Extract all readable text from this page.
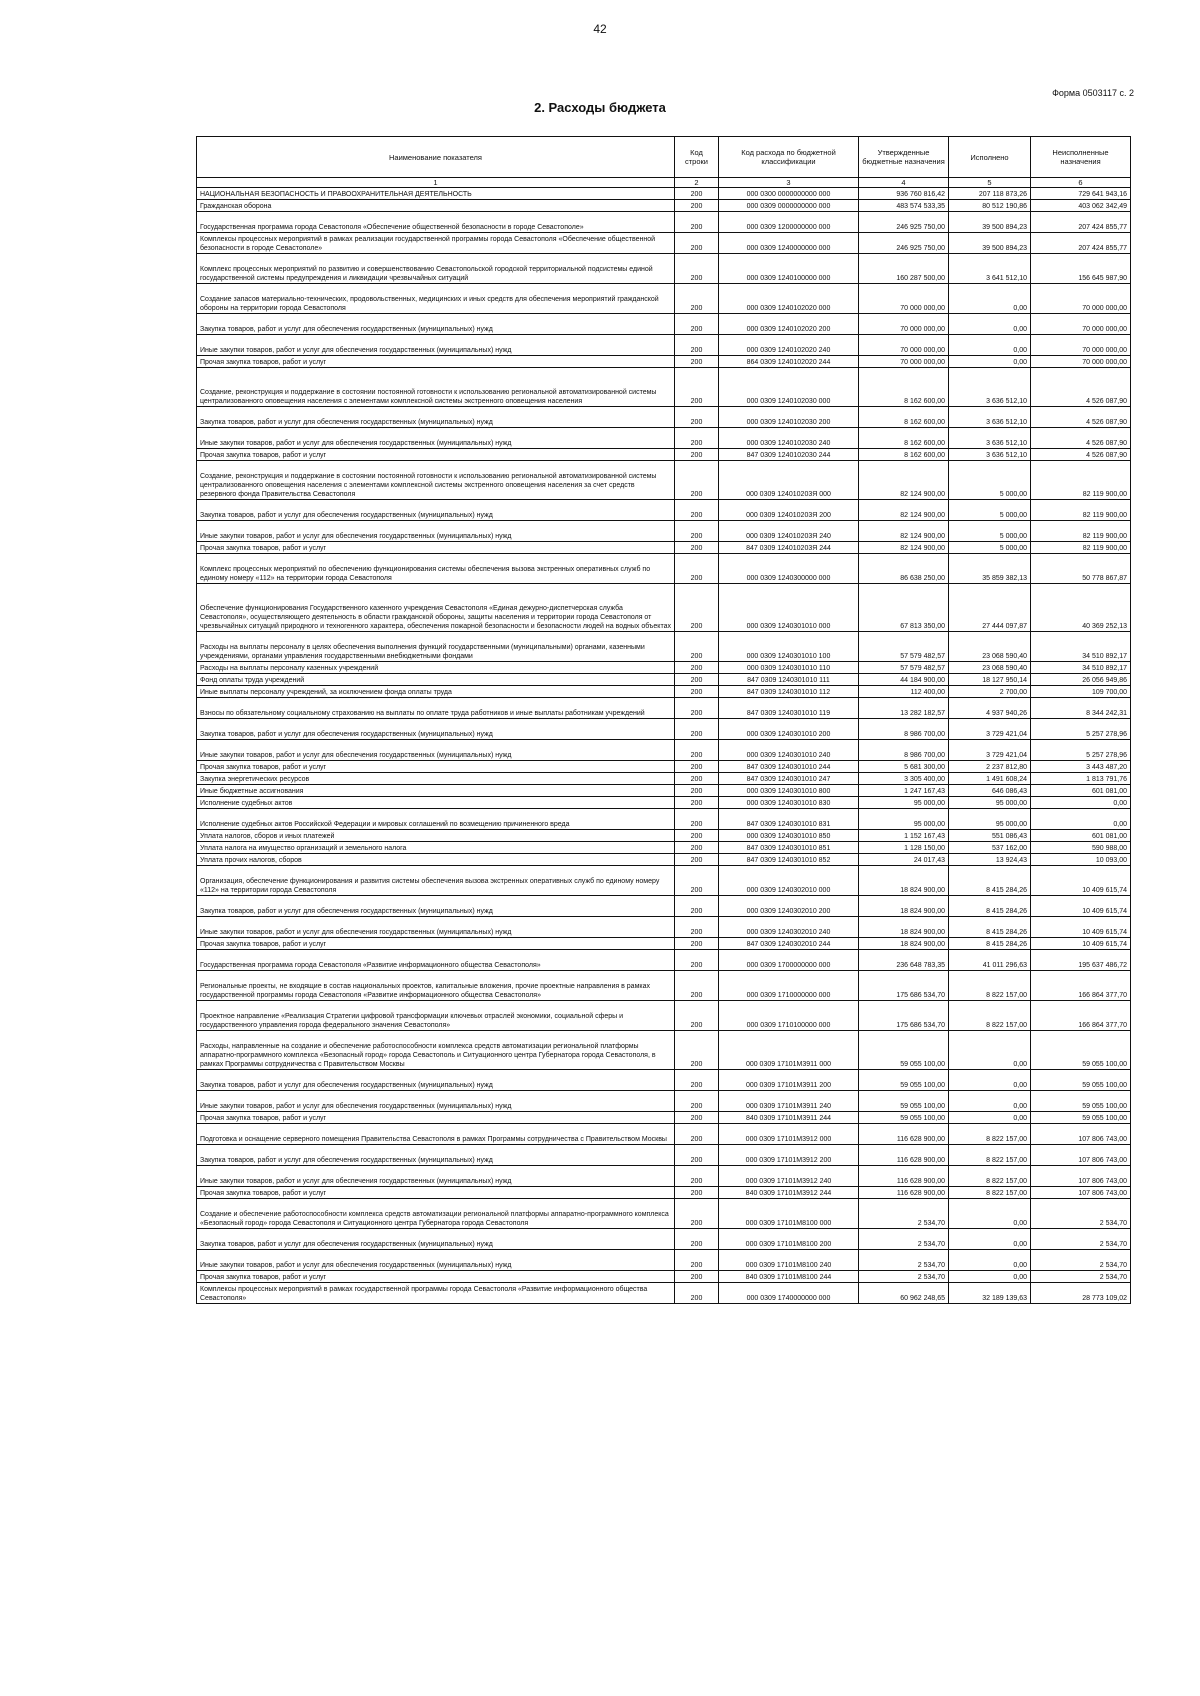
42
Форма 0503117 с. 2
2. Расходы бюджета
Наименование показателя	Код строки	Код расхода по бюджетной классификации	Утвержденные бюджетные назначения	Исполнено	Неисполненные назначения
1	2	3	4	5	6
НАЦИОНАЛЬНАЯ БЕЗОПАСНОСТЬ И ПРАВООХРАНИТЕЛЬНАЯ ДЕЯТЕЛЬНОСТЬ	200	000 0300 0000000000 000	936 760 816,42	207 118 873,26	729 641 943,16
Гражданская оборона	200	000 0309 0000000000 000	483 574 533,35	80 512 190,86	403 062 342,49
Государственная программа города Севастополя «Обеспечение общественной безопасности в городе Севастополе»	200	000 0309 1200000000 000	246 925 750,00	39 500 894,23	207 424 855,77
Комплексы процессных мероприятий в рамках реализации государственной программы города Севастополя «Обеспечение общественной безопасности в городе Севастополе»	200	000 0309 1240000000 000	246 925 750,00	39 500 894,23	207 424 855,77
Комплекс процессных мероприятий по развитию и совершенствованию Севастопольской городской территориальной подсистемы единой государственной системы предупреждения и ликвидации чрезвычайных ситуаций	200	000 0309 1240100000 000	160 287 500,00	3 641 512,10	156 645 987,90
Создание запасов материально-технических, продовольственных, медицинских и иных средств для обеспечения мероприятий гражданской обороны на территории города Севастополя	200	000 0309 1240102020 000	70 000 000,00	0,00	70 000 000,00
Закупка товаров, работ и услуг для обеспечения государственных (муниципальных) нужд	200	000 0309 1240102020 200	70 000 000,00	0,00	70 000 000,00
Иные закупки товаров, работ и услуг для обеспечения государственных (муниципальных) нужд	200	000 0309 1240102020 240	70 000 000,00	0,00	70 000 000,00
Прочая закупка товаров, работ и услуг	200	864 0309 1240102020 244	70 000 000,00	0,00	70 000 000,00
Создание, реконструкция и поддержание в состоянии постоянной готовности к использованию региональной автоматизированной системы централизованного оповещения населения с элементами комплексной системы экстренного оповещения населения	200	000 0309 1240102030 000	8 162 600,00	3 636 512,10	4 526 087,90
Закупка товаров, работ и услуг для обеспечения государственных (муниципальных) нужд	200	000 0309 1240102030 200	8 162 600,00	3 636 512,10	4 526 087,90
Иные закупки товаров, работ и услуг для обеспечения государственных (муниципальных) нужд	200	000 0309 1240102030 240	8 162 600,00	3 636 512,10	4 526 087,90
Прочая закупка товаров, работ и услуг	200	847 0309 1240102030 244	8 162 600,00	3 636 512,10	4 526 087,90
Создание, реконструкция и поддержание в состоянии постоянной готовности к использованию региональной автоматизированной системы централизованного оповещения населения с элементами комплексной системы экстренного оповещения населения за счет средств резервного фонда Правительства Севастополя	200	000 0309 124010203Я 000	82 124 900,00	5 000,00	82 119 900,00
Закупка товаров, работ и услуг для обеспечения государственных (муниципальных) нужд	200	000 0309 124010203Я 200	82 124 900,00	5 000,00	82 119 900,00
Иные закупки товаров, работ и услуг для обеспечения государственных (муниципальных) нужд	200	000 0309 124010203Я 240	82 124 900,00	5 000,00	82 119 900,00
Прочая закупка товаров, работ и услуг	200	847 0309 124010203Я 244	82 124 900,00	5 000,00	82 119 900,00
Комплекс процессных мероприятий по обеспечению функционирования системы обеспечения вызова экстренных оперативных служб по единому номеру «112» на территории города Севастополя	200	000 0309 1240300000 000	86 638 250,00	35 859 382,13	50 778 867,87
Обеспечение функционирования Государственного казенного учреждения Севастополя «Единая дежурно-диспетчерская служба Севастополя», осуществляющего деятельность в области гражданской обороны, защиты населения и территории города Севастополя от чрезвычайных ситуаций природного и техногенного характера, обеспечения пожарной безопасности и безопасности людей на водных объектах	200	000 0309 1240301010 000	67 813 350,00	27 444 097,87	40 369 252,13
Расходы на выплаты персоналу в целях обеспечения выполнения функций государственными (муниципальными) органами, казенными учреждениями, органами управления государственными внебюджетными фондами	200	000 0309 1240301010 100	57 579 482,57	23 068 590,40	34 510 892,17
Расходы на выплаты персоналу казенных учреждений	200	000 0309 1240301010 110	57 579 482,57	23 068 590,40	34 510 892,17
Фонд оплаты труда учреждений	200	847 0309 1240301010 111	44 184 900,00	18 127 950,14	26 056 949,86
Иные выплаты персоналу учреждений, за исключением фонда оплаты труда	200	847 0309 1240301010 112	112 400,00	2 700,00	109 700,00
Взносы по обязательному социальному страхованию на выплаты по оплате труда работников и иные выплаты работникам учреждений	200	847 0309 1240301010 119	13 282 182,57	4 937 940,26	8 344 242,31
Закупка товаров, работ и услуг для обеспечения государственных (муниципальных) нужд	200	000 0309 1240301010 200	8 986 700,00	3 729 421,04	5 257 278,96
Иные закупки товаров, работ и услуг для обеспечения государственных (муниципальных) нужд	200	000 0309 1240301010 240	8 986 700,00	3 729 421,04	5 257 278,96
Прочая закупка товаров, работ и услуг	200	847 0309 1240301010 244	5 681 300,00	2 237 812,80	3 443 487,20
Закупка энергетических ресурсов	200	847 0309 1240301010 247	3 305 400,00	1 491 608,24	1 813 791,76
Иные бюджетные ассигнования	200	000 0309 1240301010 800	1 247 167,43	646 086,43	601 081,00
Исполнение судебных актов	200	000 0309 1240301010 830	95 000,00	95 000,00	0,00
Исполнение судебных актов Российской Федерации и мировых соглашений по возмещению причиненного вреда	200	847 0309 1240301010 831	95 000,00	95 000,00	0,00
Уплата налогов, сборов и иных платежей	200	000 0309 1240301010 850	1 152 167,43	551 086,43	601 081,00
Уплата налога на имущество организаций и земельного налога	200	847 0309 1240301010 851	1 128 150,00	537 162,00	590 988,00
Уплата прочих налогов, сборов	200	847 0309 1240301010 852	24 017,43	13 924,43	10 093,00
Организация, обеспечение функционирования и развития системы обеспечения вызова экстренных оперативных служб по единому номеру «112» на территории города Севастополя	200	000 0309 1240302010 000	18 824 900,00	8 415 284,26	10 409 615,74
Закупка товаров, работ и услуг для обеспечения государственных (муниципальных) нужд	200	000 0309 1240302010 200	18 824 900,00	8 415 284,26	10 409 615,74
Иные закупки товаров, работ и услуг для обеспечения государственных (муниципальных) нужд	200	000 0309 1240302010 240	18 824 900,00	8 415 284,26	10 409 615,74
Прочая закупка товаров, работ и услуг	200	847 0309 1240302010 244	18 824 900,00	8 415 284,26	10 409 615,74
Государственная программа города Севастополя «Развитие информационного общества Севастополя»	200	000 0309 1700000000 000	236 648 783,35	41 011 296,63	195 637 486,72
Региональные проекты, не входящие в состав национальных проектов, капитальные вложения, прочие проектные направления в рамках государственной программы города Севастополя «Развитие информационного общества Севастополя»	200	000 0309 1710000000 000	175 686 534,70	8 822 157,00	166 864 377,70
Проектное направление «Реализация Стратегии цифровой трансформации ключевых отраслей экономики, социальной сферы и государственного управления города федерального значения Севастополя»	200	000 0309 1710100000 000	175 686 534,70	8 822 157,00	166 864 377,70
Расходы, направленные на создание и обеспечение работоспособности комплекса средств автоматизации региональной платформы аппаратно-программного комплекса «Безопасный город» города Севастополь и Ситуационного центра Губернатора города Севастополя, в рамках Программы сотрудничества с Правительством Москвы	200	000 0309 17101М3911 000	59 055 100,00	0,00	59 055 100,00
Закупка товаров, работ и услуг для обеспечения государственных (муниципальных) нужд	200	000 0309 17101М3911 200	59 055 100,00	0,00	59 055 100,00
Иные закупки товаров, работ и услуг для обеспечения государственных (муниципальных) нужд	200	000 0309 17101М3911 240	59 055 100,00	0,00	59 055 100,00
Прочая закупка товаров, работ и услуг	200	840 0309 17101М3911 244	59 055 100,00	0,00	59 055 100,00
Подготовка и оснащение серверного помещения Правительства Севастополя в рамках Программы сотрудничества с Правительством Москвы	200	000 0309 17101М3912 000	116 628 900,00	8 822 157,00	107 806 743,00
Закупка товаров, работ и услуг для обеспечения государственных (муниципальных) нужд	200	000 0309 17101М3912 200	116 628 900,00	8 822 157,00	107 806 743,00
Иные закупки товаров, работ и услуг для обеспечения государственных (муниципальных) нужд	200	000 0309 17101М3912 240	116 628 900,00	8 822 157,00	107 806 743,00
Прочая закупка товаров, работ и услуг	200	840 0309 17101М3912 244	116 628 900,00	8 822 157,00	107 806 743,00
Создание и обеспечение работоспособности комплекса средств автоматизации региональной платформы аппаратно-программного комплекса «Безопасный город» города Севастополя и Ситуационного центра Губернатора города Севастополя	200	000 0309 17101М8100 000	2 534,70	0,00	2 534,70
Закупка товаров, работ и услуг для обеспечения государственных (муниципальных) нужд	200	000 0309 17101М8100 200	2 534,70	0,00	2 534,70
Иные закупки товаров, работ и услуг для обеспечения государственных (муниципальных) нужд	200	000 0309 17101М8100 240	2 534,70	0,00	2 534,70
Прочая закупка товаров, работ и услуг	200	840 0309 17101М8100 244	2 534,70	0,00	2 534,70
Комплексы процессных мероприятий в рамках государственной программы города Севастополя «Развитие информационного общества Севастополя»	200	000 0309 1740000000 000	60 962 248,65	32 189 139,63	28 773 109,02
